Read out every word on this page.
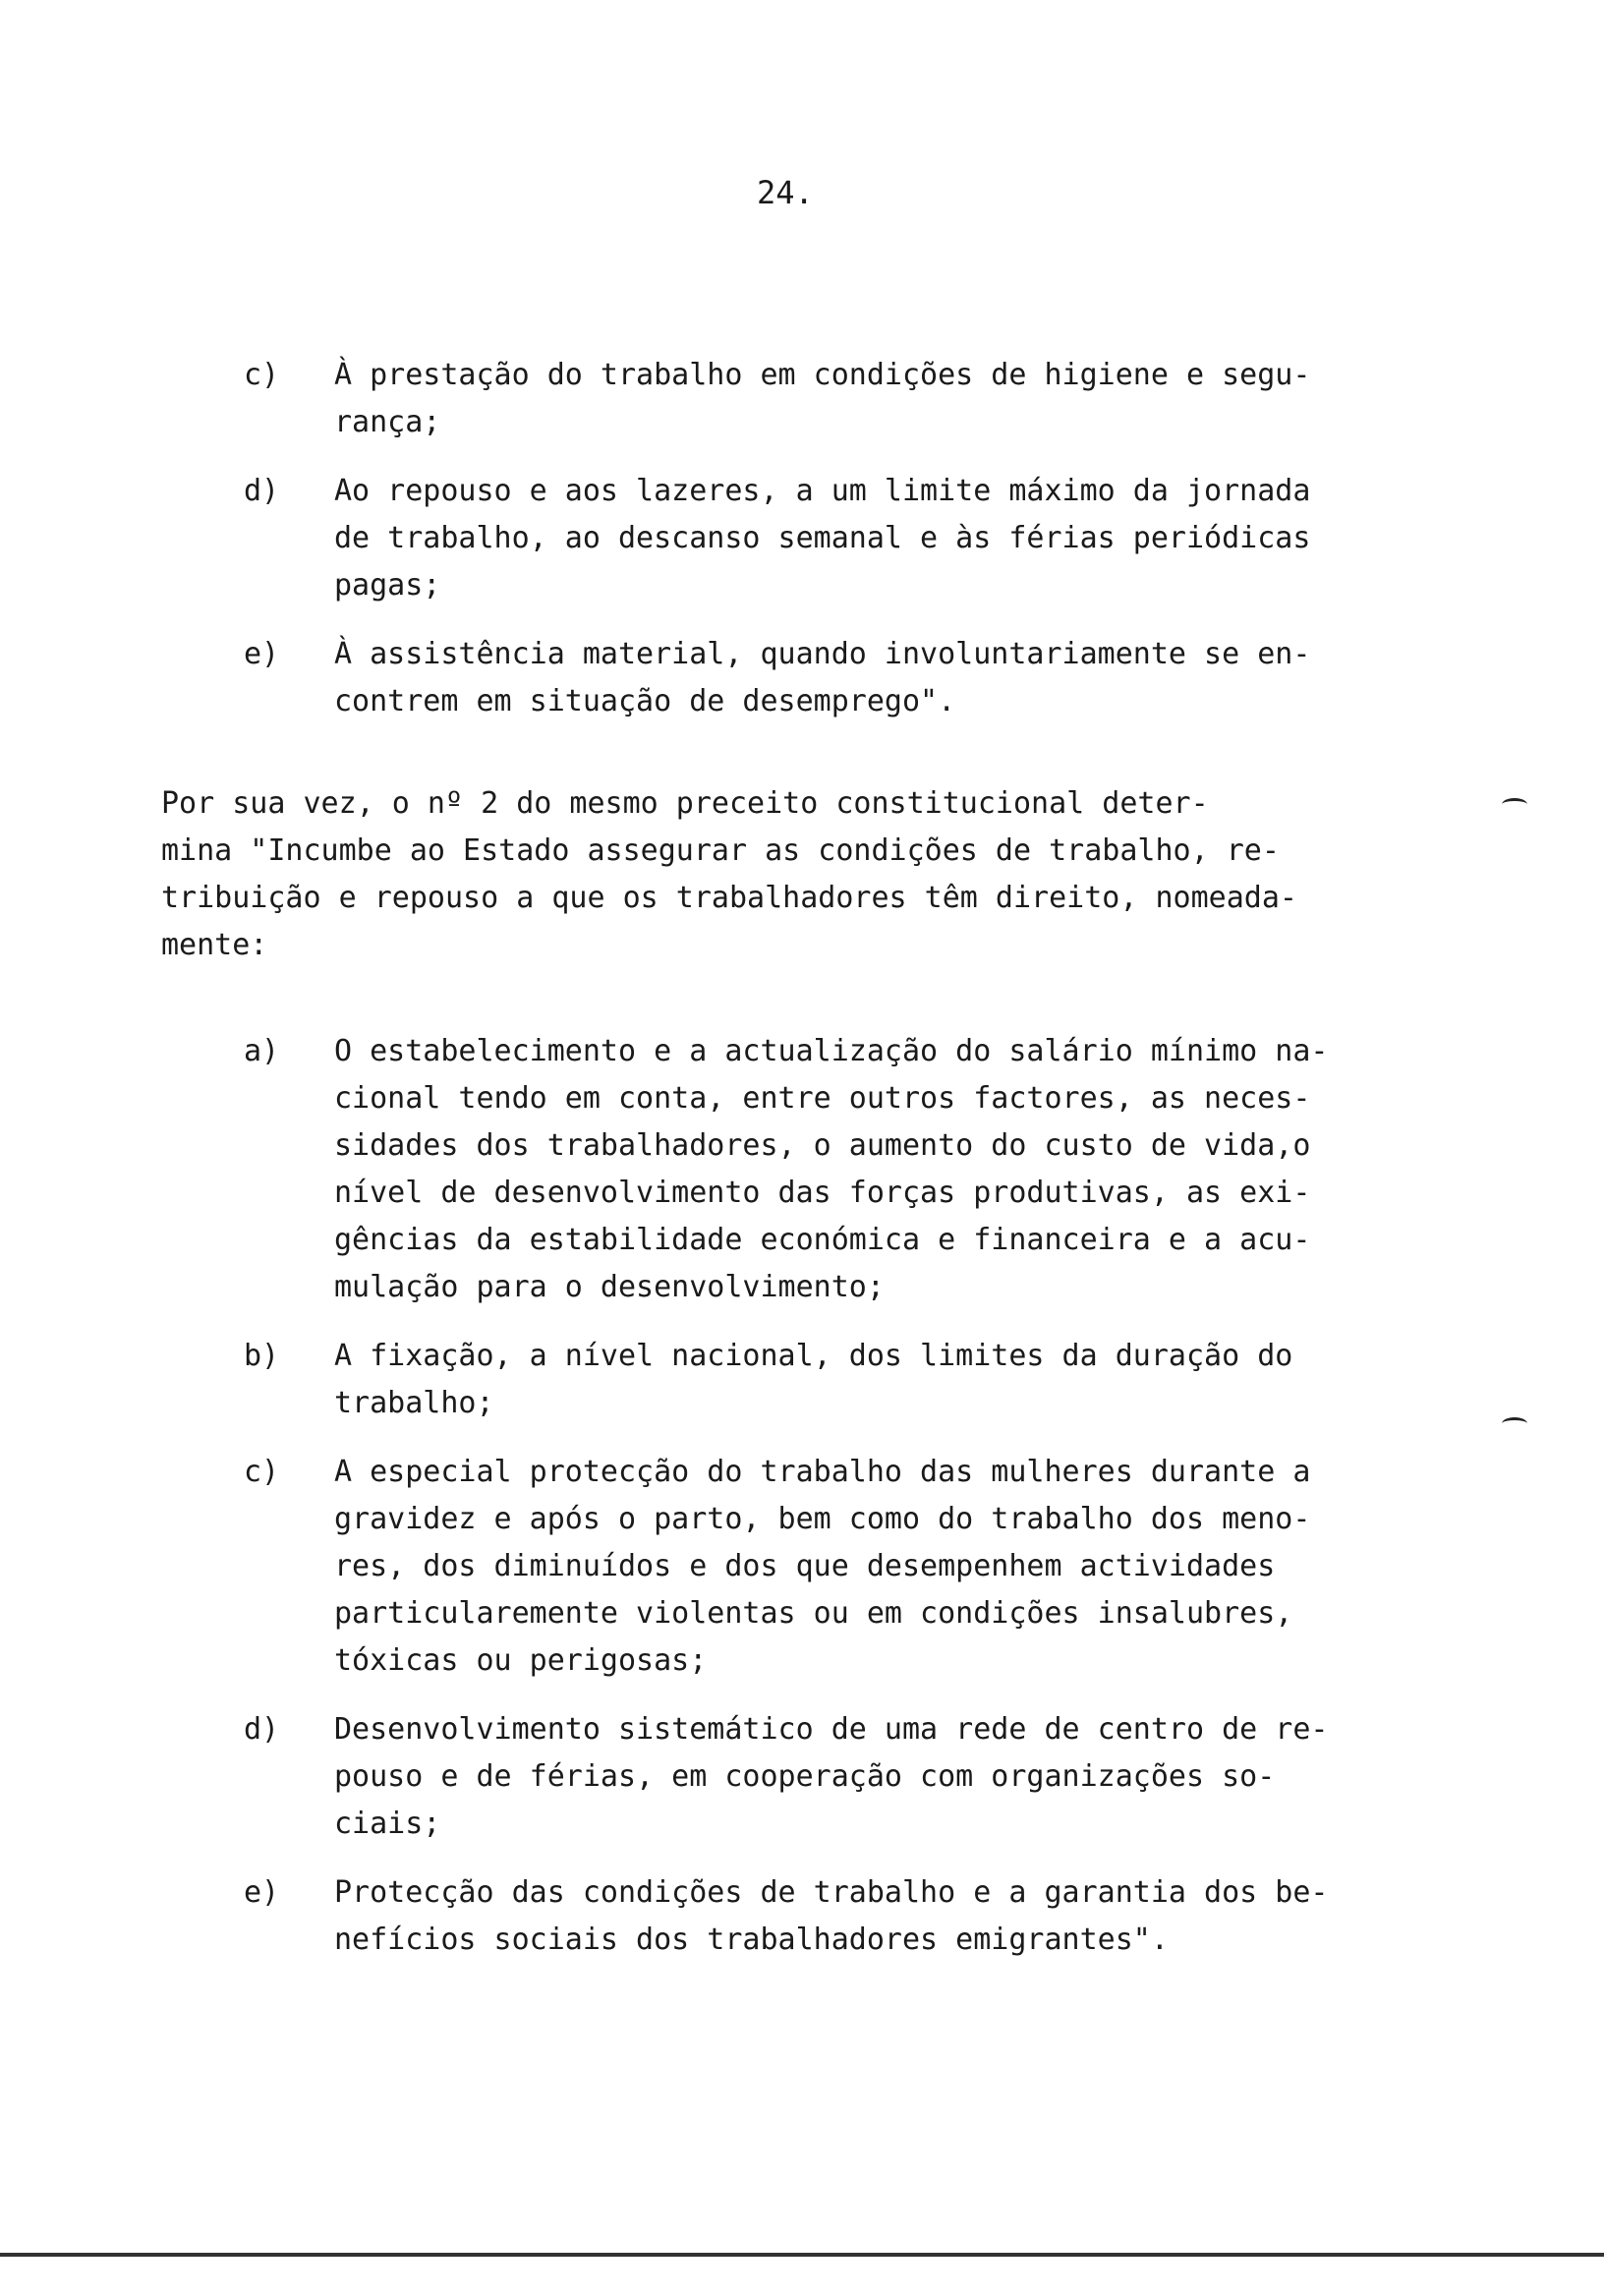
24.
c) À prestação do trabalho em condições de higiene e segu-
rança;
d) Ao repouso e aos lazeres, a um limite máximo da jornada
de trabalho, ao descanso semanal e às férias periódicas
pagas;
e) À assistência material, quando involuntariamente se en-
contrem em situação de desemprego".
Por sua vez, o nº 2 do mesmo preceito constitucional deter-
mina "Incumbe ao Estado assegurar as condições de trabalho, re-
tribuição e repouso a que os trabalhadores têm direito, nomeada-
mente:
a) O estabelecimento e a actualização do salário mínimo na-
cional tendo em conta, entre outros factores, as neces-
sidades dos trabalhadores, o aumento do custo de vida,o
nível de desenvolvimento das forças produtivas, as exi-
gências da estabilidade económica e financeira e a acu-
mulação para o desenvolvimento;
b) A fixação, a nível nacional, dos limites da duração do
trabalho;
c) A especial protecção do trabalho das mulheres durante a
gravidez e após o parto, bem como do trabalho dos meno-
res, dos diminuídos e dos que desempenhem actividades
particularemente violentas ou em condições insalubres,
tóxicas ou perigosas;
d) Desenvolvimento sistemático de uma rede de centro de re-
pouso e de férias, em cooperação com organizações so-
ciais;
e) Protecção das condições de trabalho e a garantia dos be-
nefícios sociais dos trabalhadores emigrantes".
